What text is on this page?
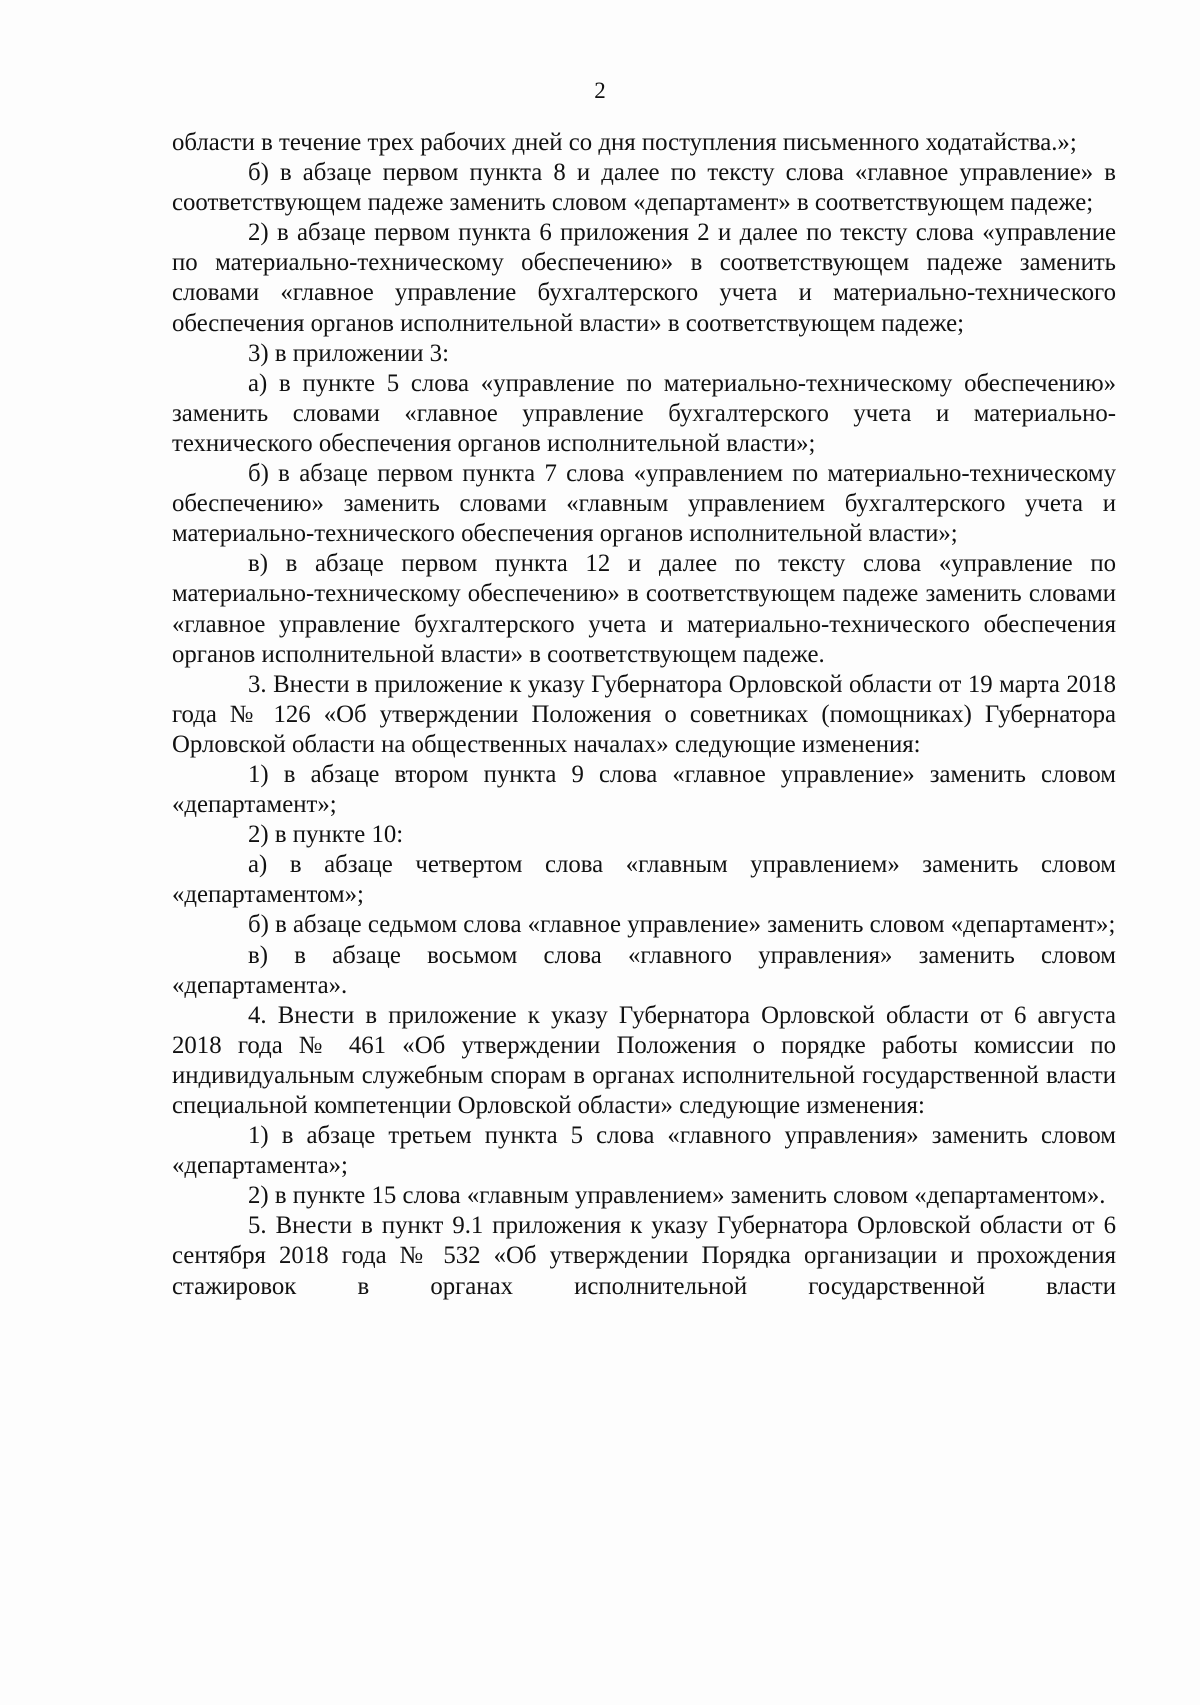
2

области в течение трех рабочих дней со дня поступления письменного ходатайства.»;

б) в абзаце первом пункта 8 и далее по тексту слова «главное управление» в соответствующем падеже заменить словом «департамент» в соответствующем падеже;

2) в абзаце первом пункта 6 приложения 2 и далее по тексту слова «управление по материально-техническому обеспечению» в соответствующем падеже заменить словами «главное управление бухгалтерского учета и материально-технического обеспечения органов исполнительной власти» в соответствующем падеже;

3) в приложении 3:

а) в пункте 5 слова «управление по материально-техническому обеспечению» заменить словами «главное управление бухгалтерского учета и материально-технического обеспечения органов исполнительной власти»;

б) в абзаце первом пункта 7 слова «управлением по материально-техническому обеспечению» заменить словами «главным управлением бухгалтерского учета и материально-технического обеспечения органов исполнительной власти»;

в) в абзаце первом пункта 12 и далее по тексту слова «управление по материально-техническому обеспечению» в соответствующем падеже заменить словами «главное управление бухгалтерского учета и материально-технического обеспечения органов исполнительной власти» в соответствующем падеже.

3. Внести в приложение к указу Губернатора Орловской области от 19 марта 2018 года № 126 «Об утверждении Положения о советниках (помощниках) Губернатора Орловской области на общественных началах» следующие изменения:

1) в абзаце втором пункта 9 слова «главное управление» заменить словом «департамент»;

2) в пункте 10:

а) в абзаце четвертом слова «главным управлением» заменить словом «департаментом»;

б) в абзаце седьмом слова «главное управление» заменить словом «департамент»;

в) в абзаце восьмом слова «главного управления» заменить словом «департамента».

4. Внести в приложение к указу Губернатора Орловской области от 6 августа 2018 года № 461 «Об утверждении Положения о порядке работы комиссии по индивидуальным служебным спорам в органах исполнительной государственной власти специальной компетенции Орловской области» следующие изменения:

1) в абзаце третьем пункта 5 слова «главного управления» заменить словом «департамента»;

2) в пункте 15 слова «главным управлением» заменить словом «департаментом».

5. Внести в пункт 9.1 приложения к указу Губернатора Орловской области от 6 сентября 2018 года № 532 «Об утверждении Порядка организации и прохождения стажировок в органах исполнительной государственной власти
